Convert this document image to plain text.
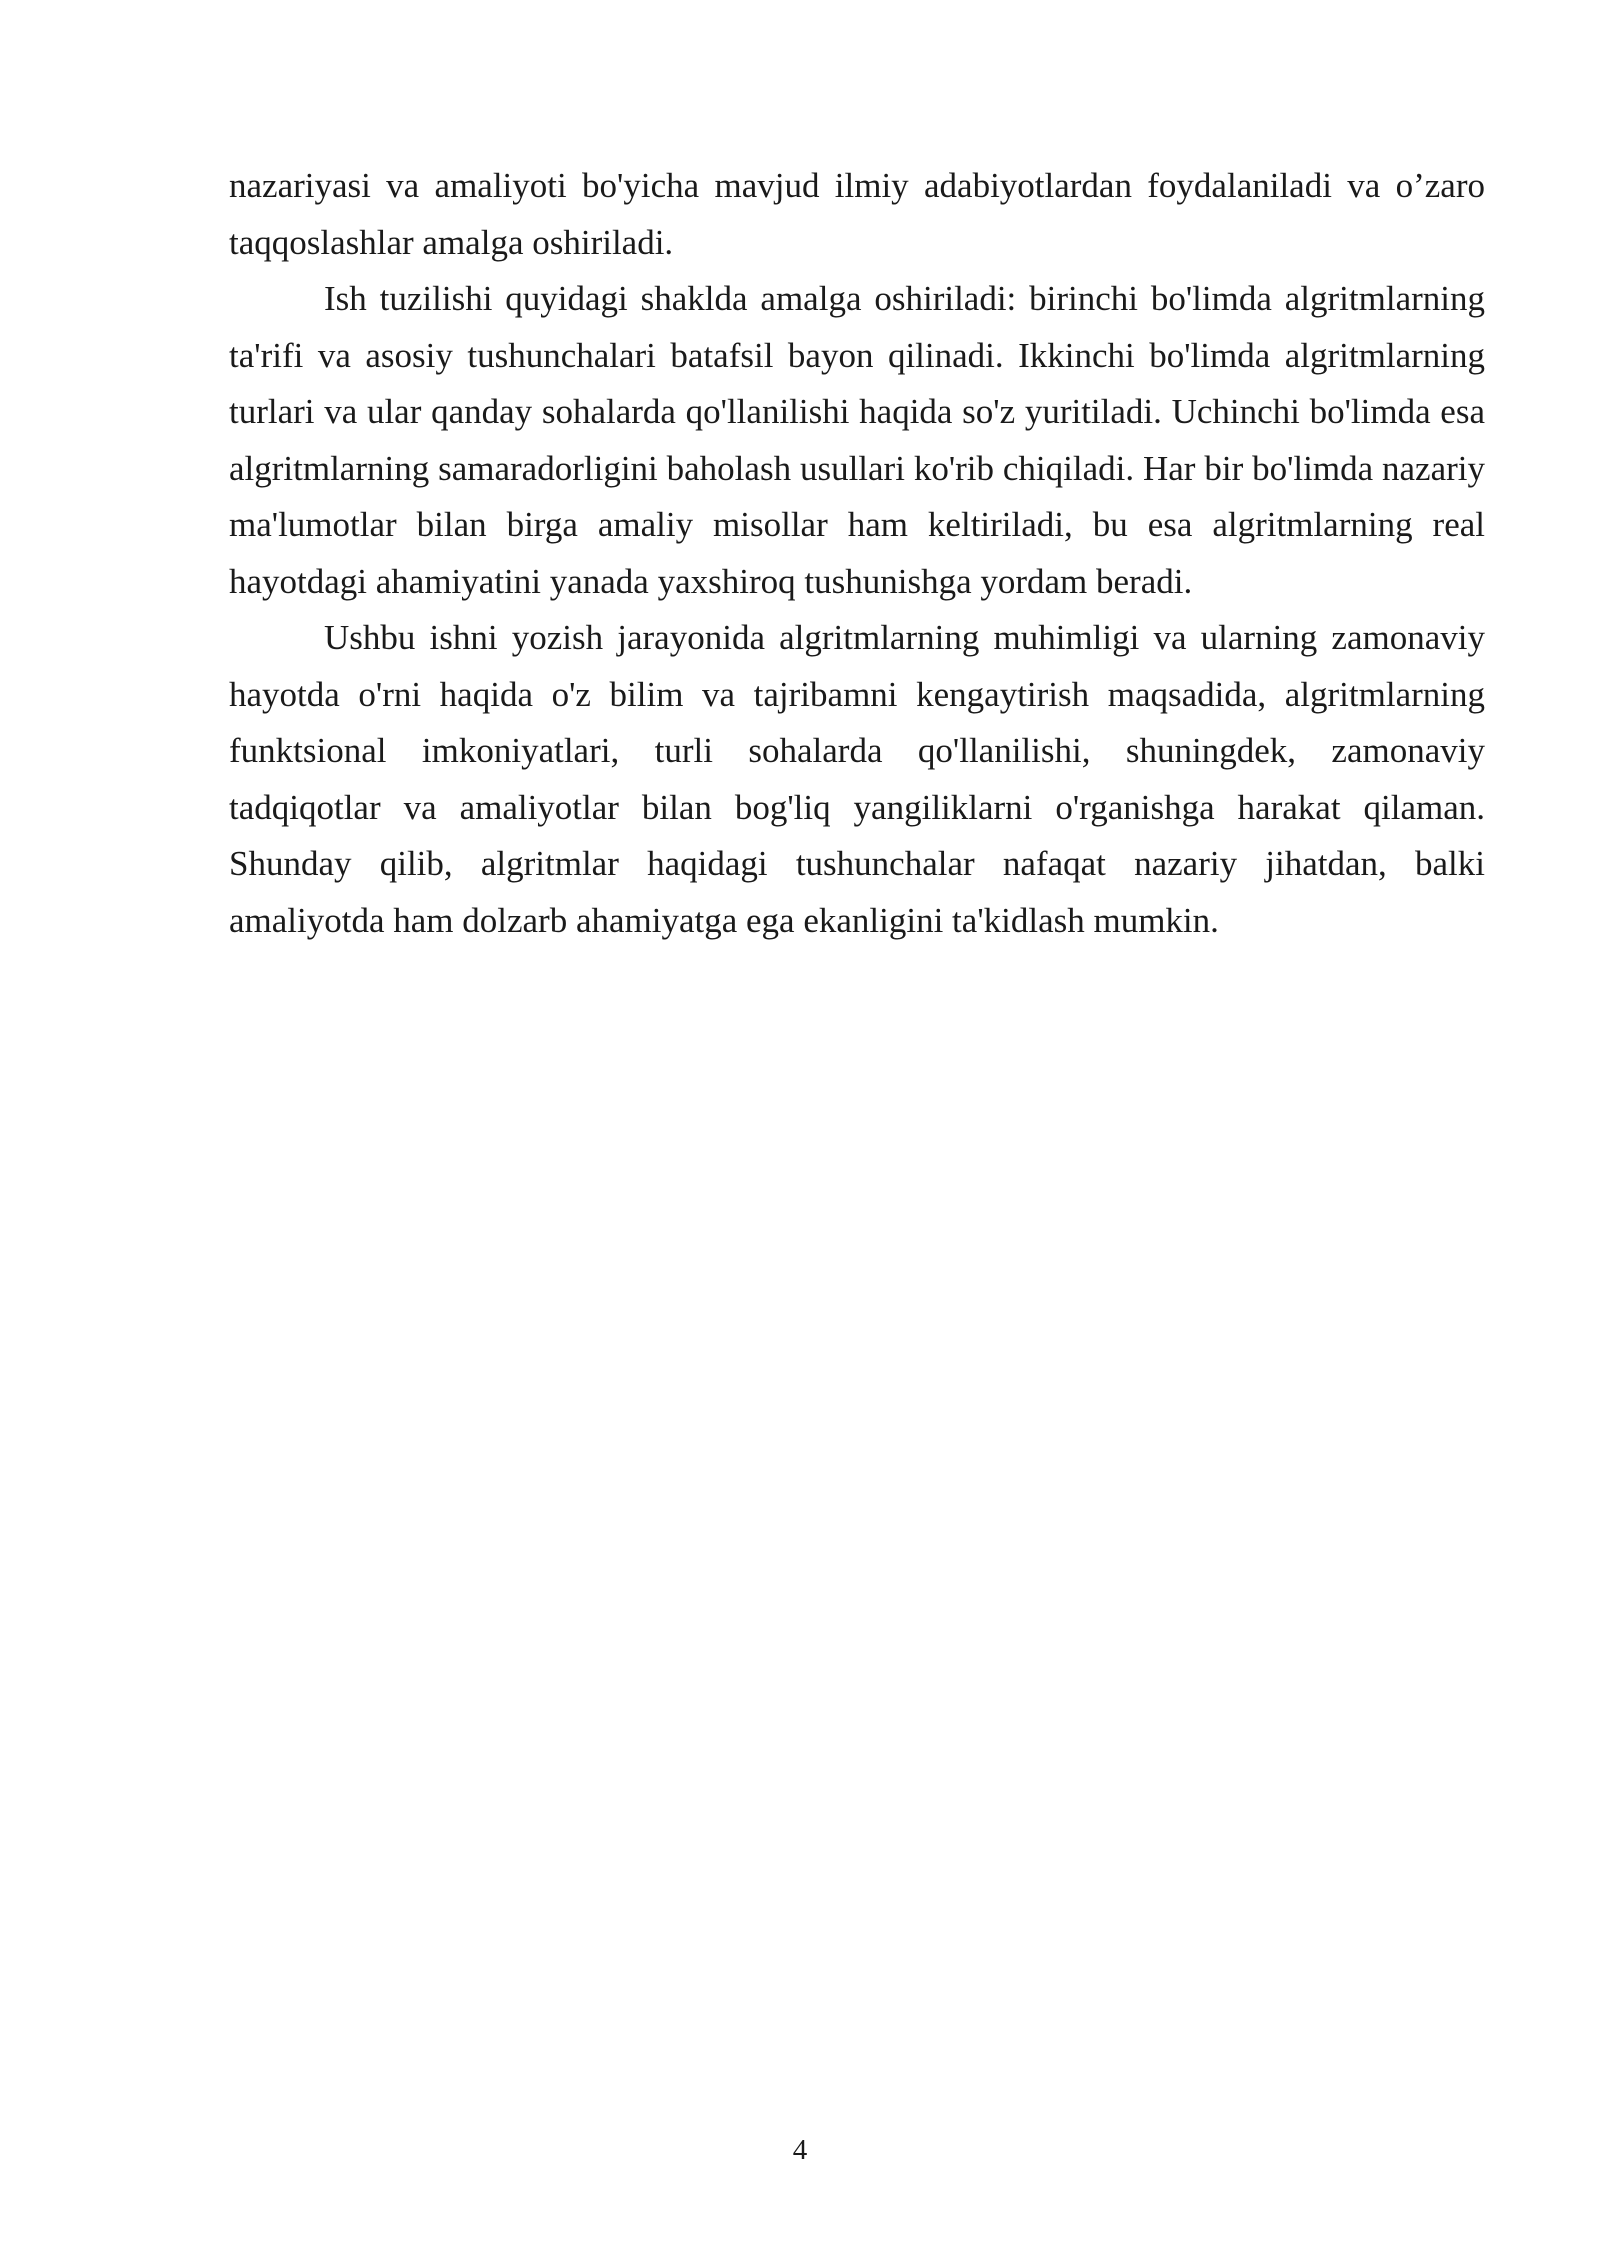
nazariyasi va amaliyoti bo'yicha mavjud ilmiy adabiyotlardan foydalaniladi va o’zaro taqqoslashlar amalga oshiriladi.

Ish tuzilishi quyidagi shaklda amalga oshiriladi: birinchi bo'limda algritmlarning ta'rifi va asosiy tushunchalari batafsil bayon qilinadi. Ikkinchi bo'limda algritmlarning turlari va ular qanday sohalarda qo'llanilishi haqida so'z yuritiladi. Uchinchi bo'limda esa algritmlarning samaradorligini baholash usullari ko'rib chiqiladi. Har bir bo'limda nazariy ma'lumotlar bilan birga amaliy misollar ham keltiriladi, bu esa algritmlarning real hayotdagi ahamiyatini yanada yaxshiroq tushunishga yordam beradi.

Ushbu ishni yozish jarayonida algritmlarning muhimligi va ularning zamonaviy hayotda o'rni haqida o'z bilim va tajribamni kengaytirish maqsadida, algritmlarning funktsional imkoniyatlari, turli sohalarda qo'llanilishi, shuningdek, zamonaviy tadqiqotlar va amaliyotlar bilan bog'liq yangiliklarni o'rganishga harakat qilaman. Shunday qilib, algritmlar haqidagi tushunchalar nafaqat nazariy jihatdan, balki amaliyotda ham dolzarb ahamiyatga ega ekanligini ta'kidlash mumkin.

4
